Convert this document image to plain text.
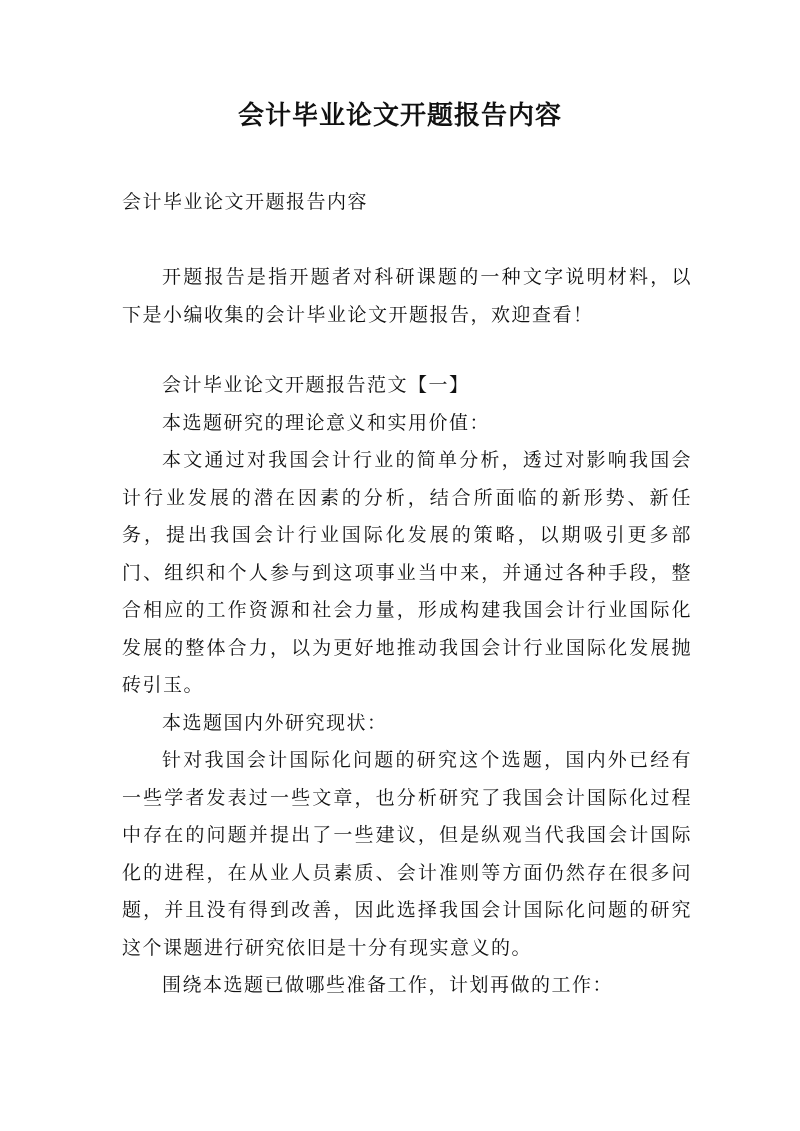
会计毕业论文开题报告内容

会计毕业论文开题报告内容

开题报告是指开题者对科研课题的一种文字说明材料，以下是小编收集的会计毕业论文开题报告，欢迎查看！

会计毕业论文开题报告范文【一】

本选题研究的理论意义和实用价值：

本文通过对我国会计行业的简单分析，透过对影响我国会计行业发展的潜在因素的分析，结合所面临的新形势、新任务，提出我国会计行业国际化发展的策略，以期吸引更多部门、组织和个人参与到这项事业当中来，并通过各种手段，整合相应的工作资源和社会力量，形成构建我国会计行业国际化发展的整体合力，以为更好地推动我国会计行业国际化发展抛砖引玉。

本选题国内外研究现状：

针对我国会计国际化问题的研究这个选题，国内外已经有一些学者发表过一些文章，也分析研究了我国会计国际化过程中存在的问题并提出了一些建议，但是纵观当代我国会计国际化的进程，在从业人员素质、会计准则等方面仍然存在很多问题，并且没有得到改善，因此选择我国会计国际化问题的研究这个课题进行研究依旧是十分有现实意义的。

围绕本选题已做哪些准备工作，计划再做的工作：
